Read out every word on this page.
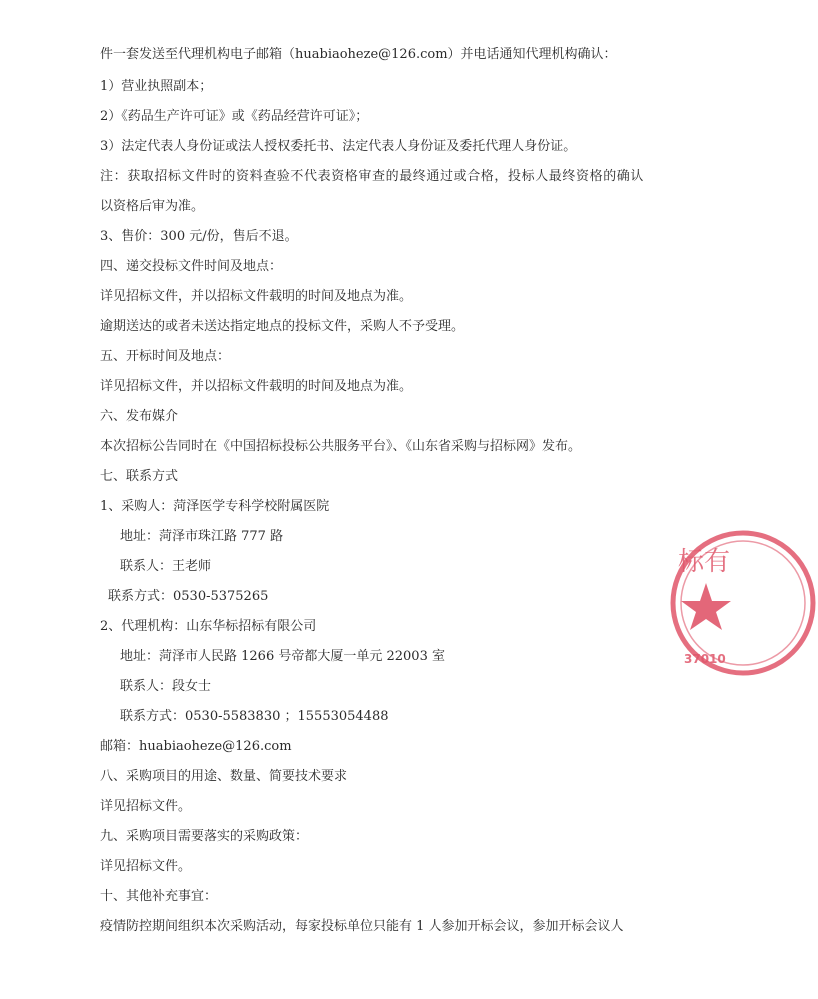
件一套发送至代理机构电子邮箱（huabiaoheze@126.com）并电话通知代理机构确认：
1）营业执照副本；
2）《药品生产许可证》或《药品经营许可证》；
3）法定代表人身份证或法人授权委托书、法定代表人身份证及委托代理人身份证。
注：获取招标文件时的资料查验不代表资格审查的最终通过或合格，投标人最终资格的确认
以资格后审为准。
3、售价：300 元/份，售后不退。
四、递交投标文件时间及地点：
详见招标文件，并以招标文件载明的时间及地点为准。
逾期送达的或者未送达指定地点的投标文件，采购人不予受理。
五、开标时间及地点：
详见招标文件，并以招标文件载明的时间及地点为准。
六、发布媒介
本次招标公告同时在《中国招标投标公共服务平台》、《山东省采购与招标网》发布。
七、联系方式
1、采购人：菏泽医学专科学校附属医院
地址：菏泽市珠江路 777 路
联系人：王老师
联系方式：0530-5375265
2、代理机构：山东华标招标有限公司
地址：菏泽市人民路 1266 号帝都大厦一单元 22003 室
联系人：段女士
联系方式：0530-5583830 ；15553054488
邮箱：huabiaoheze@126.com
八、采购项目的用途、数量、简要技术要求
详见招标文件。
九、采购项目需要落实的采购政策：
详见招标文件。
十、其他补充事宜：
疫情防控期间组织本次采购活动，每家投标单位只能有 1 人参加开标会议，参加开标会议人
标有
37010
